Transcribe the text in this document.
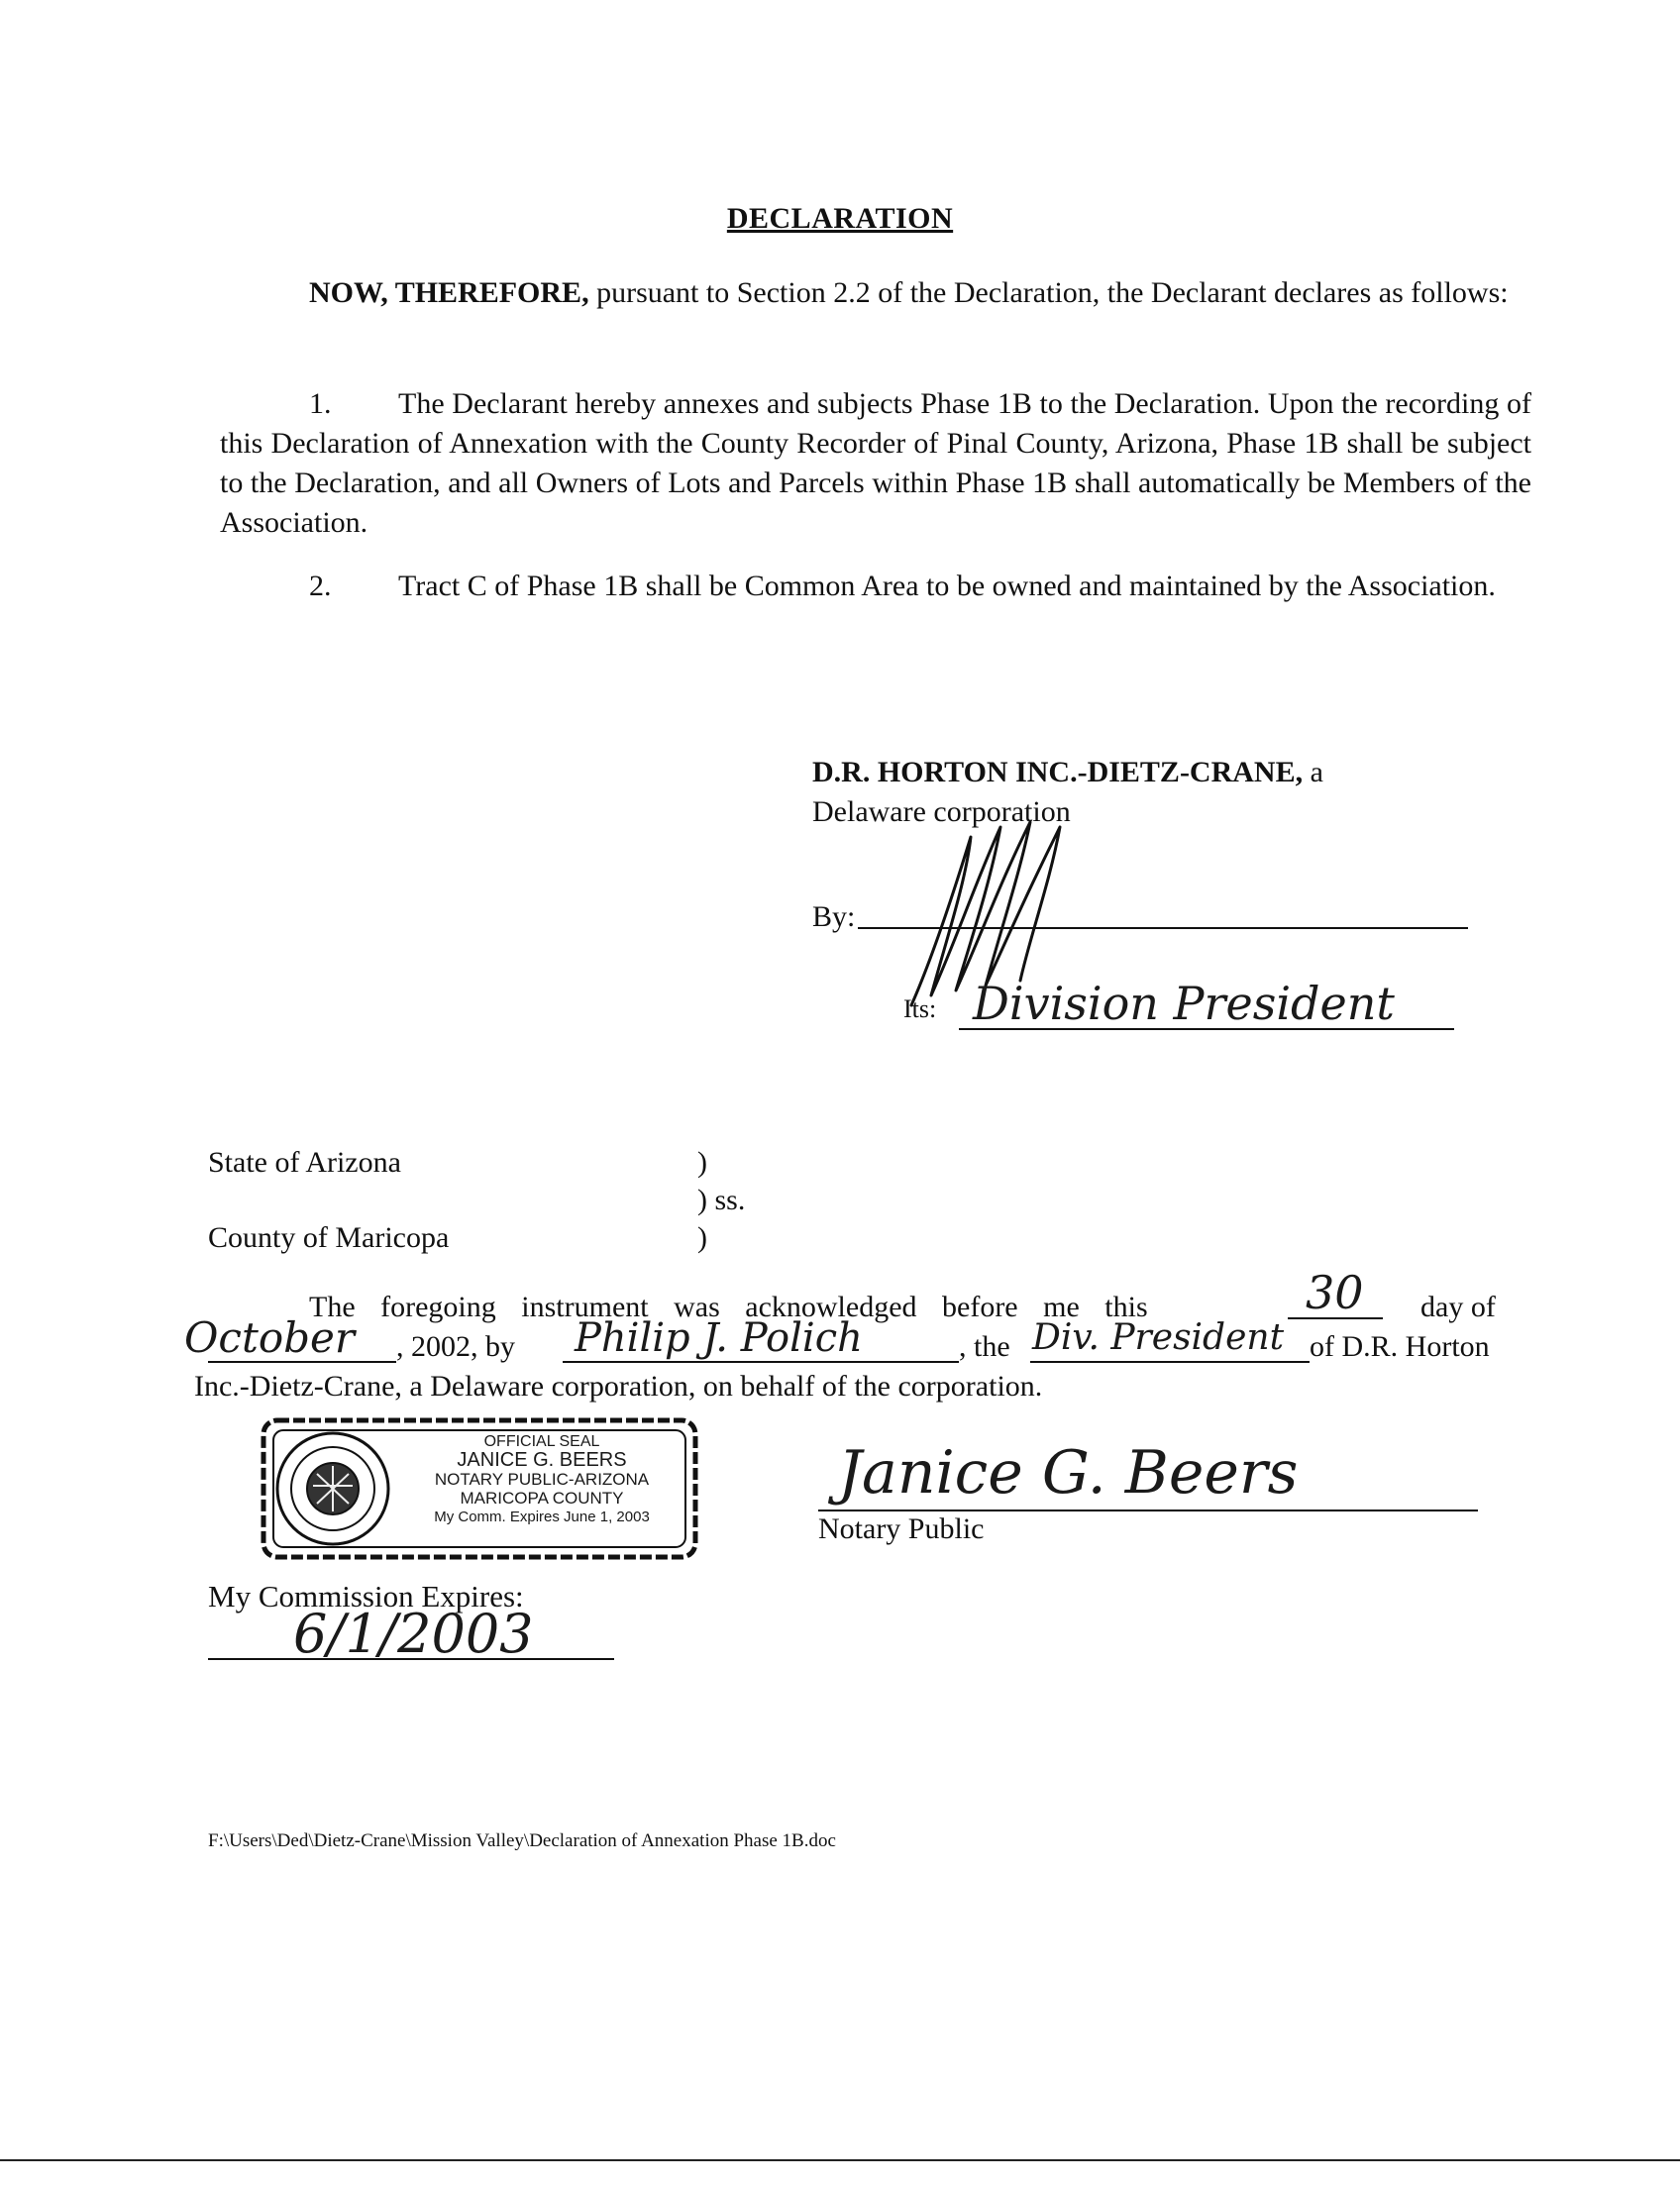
DECLARATION
NOW, THEREFORE, pursuant to Section 2.2 of the Declaration, the Declarant declares as follows:
1. The Declarant hereby annexes and subjects Phase 1B to the Declaration. Upon the recording of this Declaration of Annexation with the County Recorder of Pinal County, Arizona, Phase 1B shall be subject to the Declaration, and all Owners of Lots and Parcels within Phase 1B shall automatically be Members of the Association.
2. Tract C of Phase 1B shall be Common Area to be owned and maintained by the Association.
D.R. HORTON INC.-DIETZ-CRANE, a
Delaware corporation
By:
Its: Division President
State of Arizona
County of Maricopa
)
) ss.
)
The foregoing instrument was acknowledged before me this	30 day of
October , 2002, by Philip J. Polich	, the Div. President of D.R. Horton
Inc.-Dietz-Crane, a Delaware corporation, on behalf of the corporation.
OFFICIAL SEAL
JANICE G. BEERS
NOTARY PUBLIC-ARIZONA
MARICOPA COUNTY
My Comm. Expires June 1, 2003
Janice G. Beers
Notary Public
My Commission Expires:
6/1/2003
F:\Users\Ded\Dietz-Crane\Mission Valley\Declaration of Annexation Phase 1B.doc
